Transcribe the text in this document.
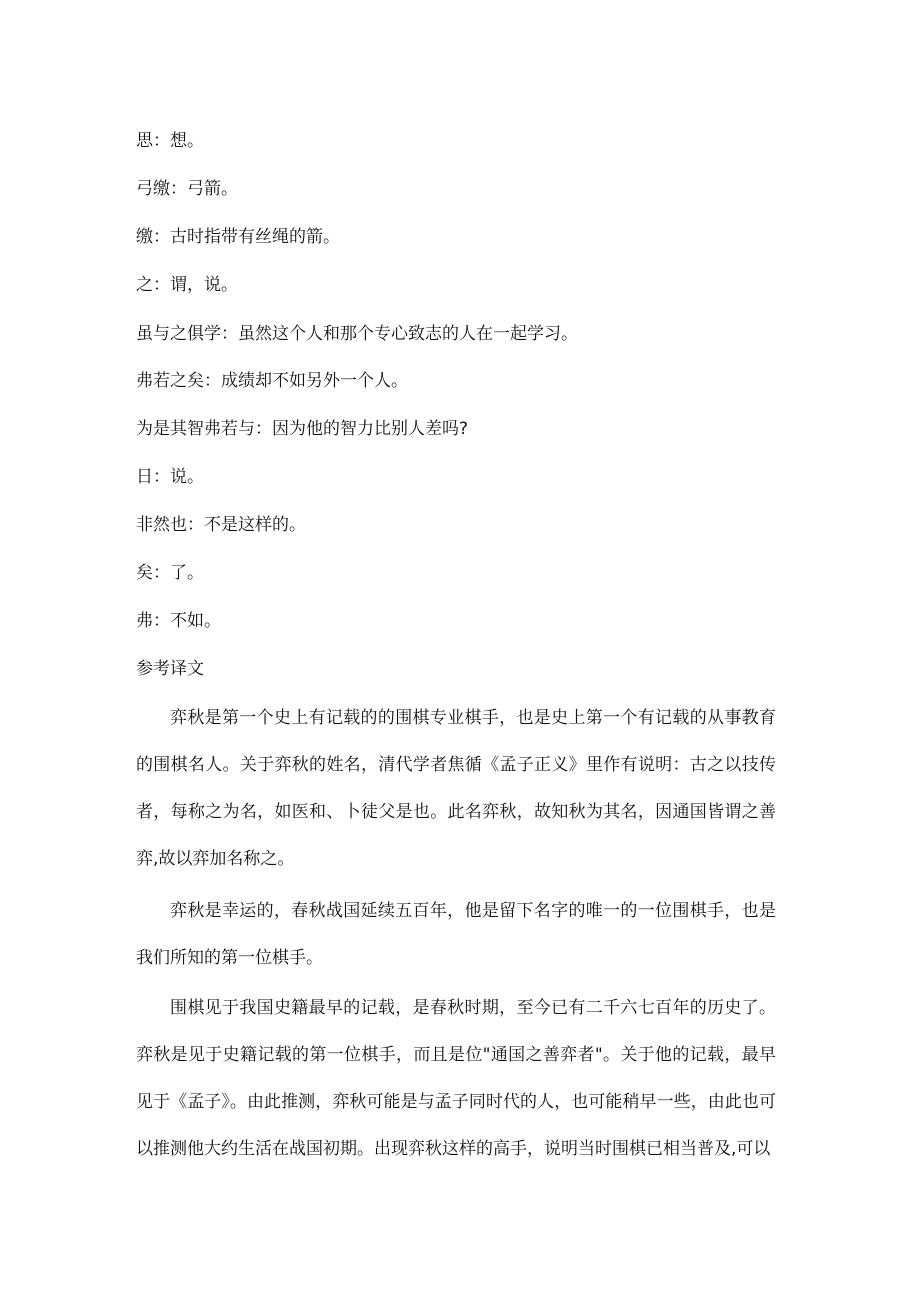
思：想。
弓缴：弓箭。
缴：古时指带有丝绳的箭。
之：谓，说。
虽与之俱学：虽然这个人和那个专心致志的人在一起学习。
弗若之矣：成绩却不如另外一个人。
为是其智弗若与：因为他的智力比别人差吗?
日：说。
非然也：不是这样的。
矣：了。
弗：不如。
参考译文

弈秋是第一个史上有记载的的围棋专业棋手，也是史上第一个有记载的从事教育的围棋名人。关于弈秋的姓名，清代学者焦循《孟子正义》里作有说明：古之以技传者，每称之为名，如医和、卜徒父是也。此名弈秋，故知秋为其名，因通国皆谓之善弈,故以弈加名称之。

弈秋是幸运的，春秋战国延续五百年，他是留下名字的唯一的一位围棋手，也是我们所知的第一位棋手。

围棋见于我国史籍最早的记载，是春秋时期，至今已有二千六七百年的历史了。弈秋是见于史籍记载的第一位棋手，而且是位"通国之善弈者"。关于他的记载，最早见于《孟子》。由此推测，弈秋可能是与孟子同时代的人，也可能稍早一些，由此也可以推测他大约生活在战国初期。出现弈秋这样的高手，说明当时围棋已相当普及,可以
